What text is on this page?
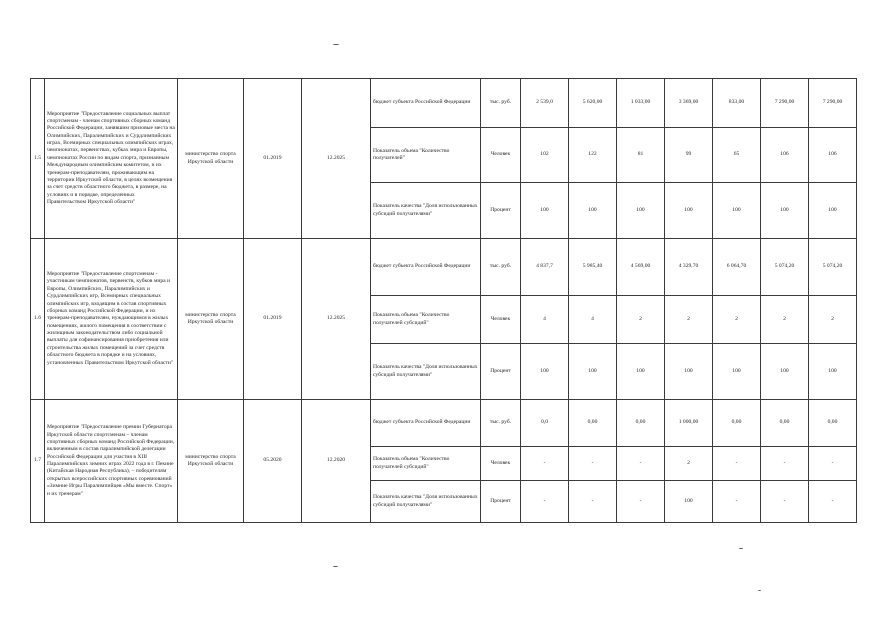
1.5	Мероприятие "Предоставление социальных выплат спортсменам - членам спортивных сборных команд Российской Федерации, занявшим призовые места на Олимпийских, Паралимпийских и Сурдлимпийских играх, Всемирных специальных олимпийских играх, чемпионатах, первенствах, кубках мира и Европы, чемпионатах России по видам спорта, признанным Международным олимпийским комитетом, и их тренерам-преподавателям, проживающим на территории Иркутской области, в целях возмещения за счет средств областного бюджета, в размере, на условиях и в порядке, определенных Правительством Иркутской области"	министерство спорта Иркутской области	01.2019	12.2025	бюджет субъекта Российской Федерации	тыс. руб.	2 539,0	5 620,00	1 033,00	3 369,00	833,00	7 290,00	7 290,00
					Показатель объема "Количество получателей"	Человек	102	122	81	99	65	106	106
					Показатель качества "Доля использованных субсидий получателями"	Процент	100	100	100	100	100	100	100
1.6	Мероприятие "Предоставление спортсменам - участникам чемпионатов, первенств, кубков мира и Европы, Олимпийских, Паралимпийских и Сурдлимпийских игр, Всемирных специальных олимпийских игр, входящим в состав спортивных сборных команд Российской Федерации, и их тренерам-преподавателям, нуждающимся в жилых помещениях, жилого помещения в соответствии с жилищным законодательством либо социальной выплаты для софинансирования приобретения или строительства жилых помещений за счет средств областного бюджета в порядке и на условиях, установленных Правительством Иркутской области"	министерство спорта Иркутской области	01.2019	12.2025	бюджет субъекта Российской Федерации	тыс. руб.	4 837,7	5 985,40	4 569,00	4 329,70	6 064,70	5 074,20	5 074,20
					Показатель объема "Количество получателей субсидий"	Человек	4	4	2	2	2	2	2
					Показатель качества "Доля использованных субсидий получателями"	Процент	100	100	100	100	100	100	100
1.7	Мероприятие "Предоставление премии Губернатора Иркутской области спортсменам – членам спортивных сборных команд Российской Федерации, включенным в состав паралимпийской делегации Российской Федерации для участия в XIII Паралимпийских зимних играх 2022 года в г. Пекине (Китайская Народная Республика), – победителям открытых всероссийских спортивных соревнований «Зимние Игры Паралимпийцев «Мы вместе. Спорт» и их тренерам"	министерство спорта Иркутской области	05.2020	12.2020	бюджет субъекта Российской Федерации	тыс. руб.	0,0	0,00	0,00	1 000,00	0,00	0,00	0,00
					Показатель объема "Количество получателей субсидий"	Человек	-	-	-	2	-	-	-
					Показатель качества "Доля использованных субсидий получателями"	Процент	-	-	-	100	-	-	-
